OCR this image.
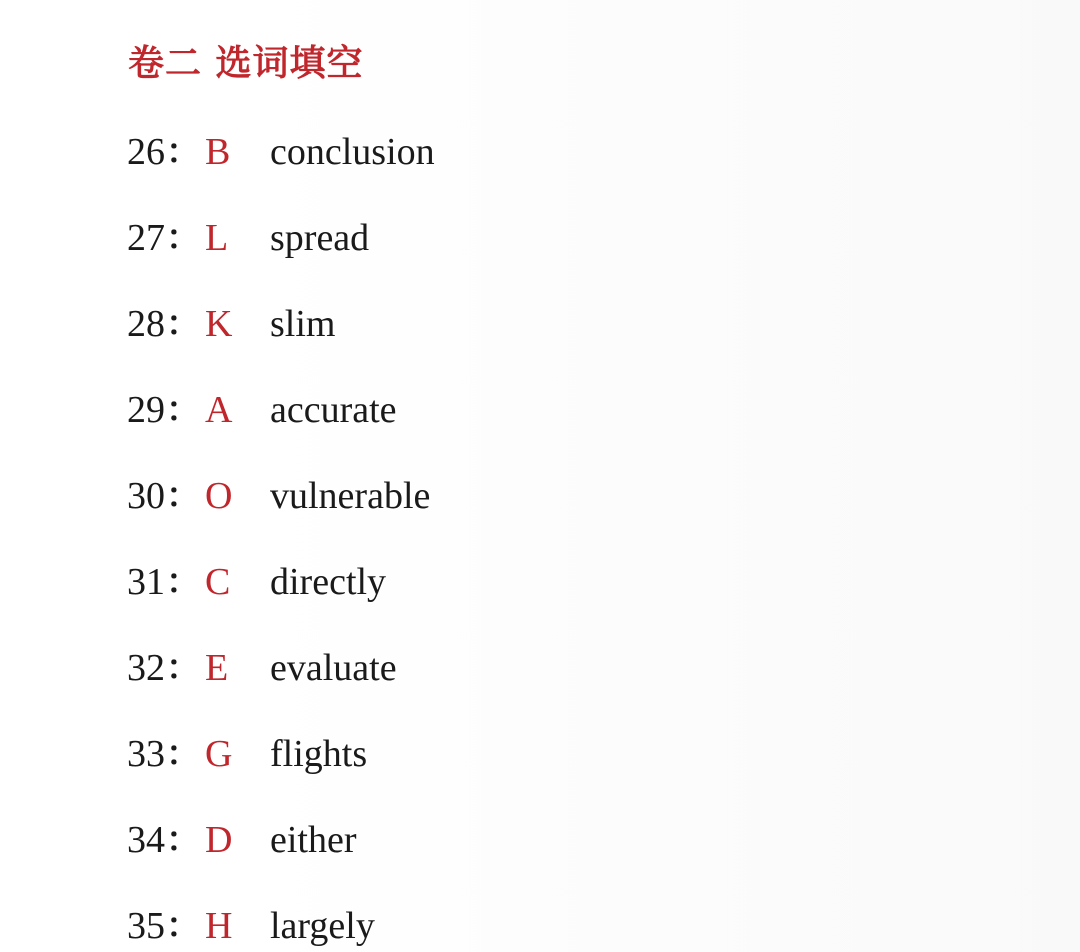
卷二 选词填空
26 ： B conclusion
27 ： L spread
28 ： K slim
29 ： A accurate
30 ： O vulnerable
31 ： C directly
32 ： E evaluate
33 ： G flights
34 ： D either
35 ： H largely
